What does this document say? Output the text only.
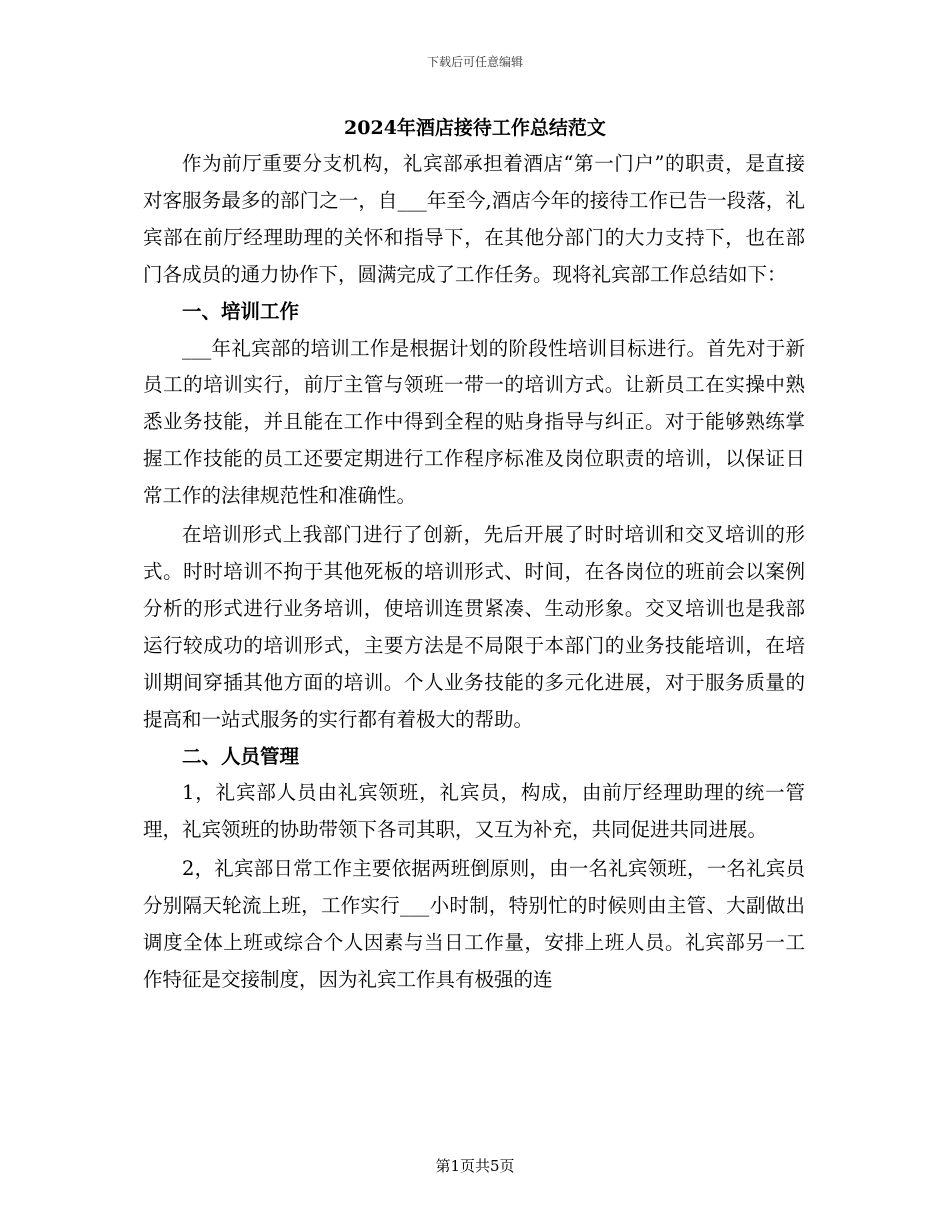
下载后可任意编辑
2024年酒店接待工作总结范文

作为前厅重要分支机构，礼宾部承担着酒店“第一门户”的职责，是直接对客服务最多的部门之一，自___年至今,酒店今年的接待工作已告一段落，礼宾部在前厅经理助理的关怀和指导下，在其他分部门的大力支持下，也在部门各成员的通力协作下，圆满完成了工作任务。现将礼宾部工作总结如下：

一、培训工作

___年礼宾部的培训工作是根据计划的阶段性培训目标进行。首先对于新员工的培训实行，前厅主管与领班一带一的培训方式。让新员工在实操中熟悉业务技能，并且能在工作中得到全程的贴身指导与纠正。对于能够熟练掌握工作技能的员工还要定期进行工作程序标准及岗位职责的培训，以保证日常工作的法律规范性和准确性。

在培训形式上我部门进行了创新，先后开展了时时培训和交叉培训的形式。时时培训不拘于其他死板的培训形式、时间，在各岗位的班前会以案例分析的形式进行业务培训，使培训连贯紧凑、生动形象。交叉培训也是我部运行较成功的培训形式，主要方法是不局限于本部门的业务技能培训，在培训期间穿插其他方面的培训。个人业务技能的多元化进展，对于服务质量的提高和一站式服务的实行都有着极大的帮助。

二、人员管理

1，礼宾部人员由礼宾领班，礼宾员，构成，由前厅经理助理的统一管理，礼宾领班的协助带领下各司其职，又互为补充，共同促进共同进展。

2，礼宾部日常工作主要依据两班倒原则，由一名礼宾领班，一名礼宾员分别隔天轮流上班，工作实行___小时制，特别忙的时候则由主管、大副做出调度全体上班或综合个人因素与当日工作量，安排上班人员。礼宾部另一工作特征是交接制度，因为礼宾工作具有极强的连

第1页共5页
